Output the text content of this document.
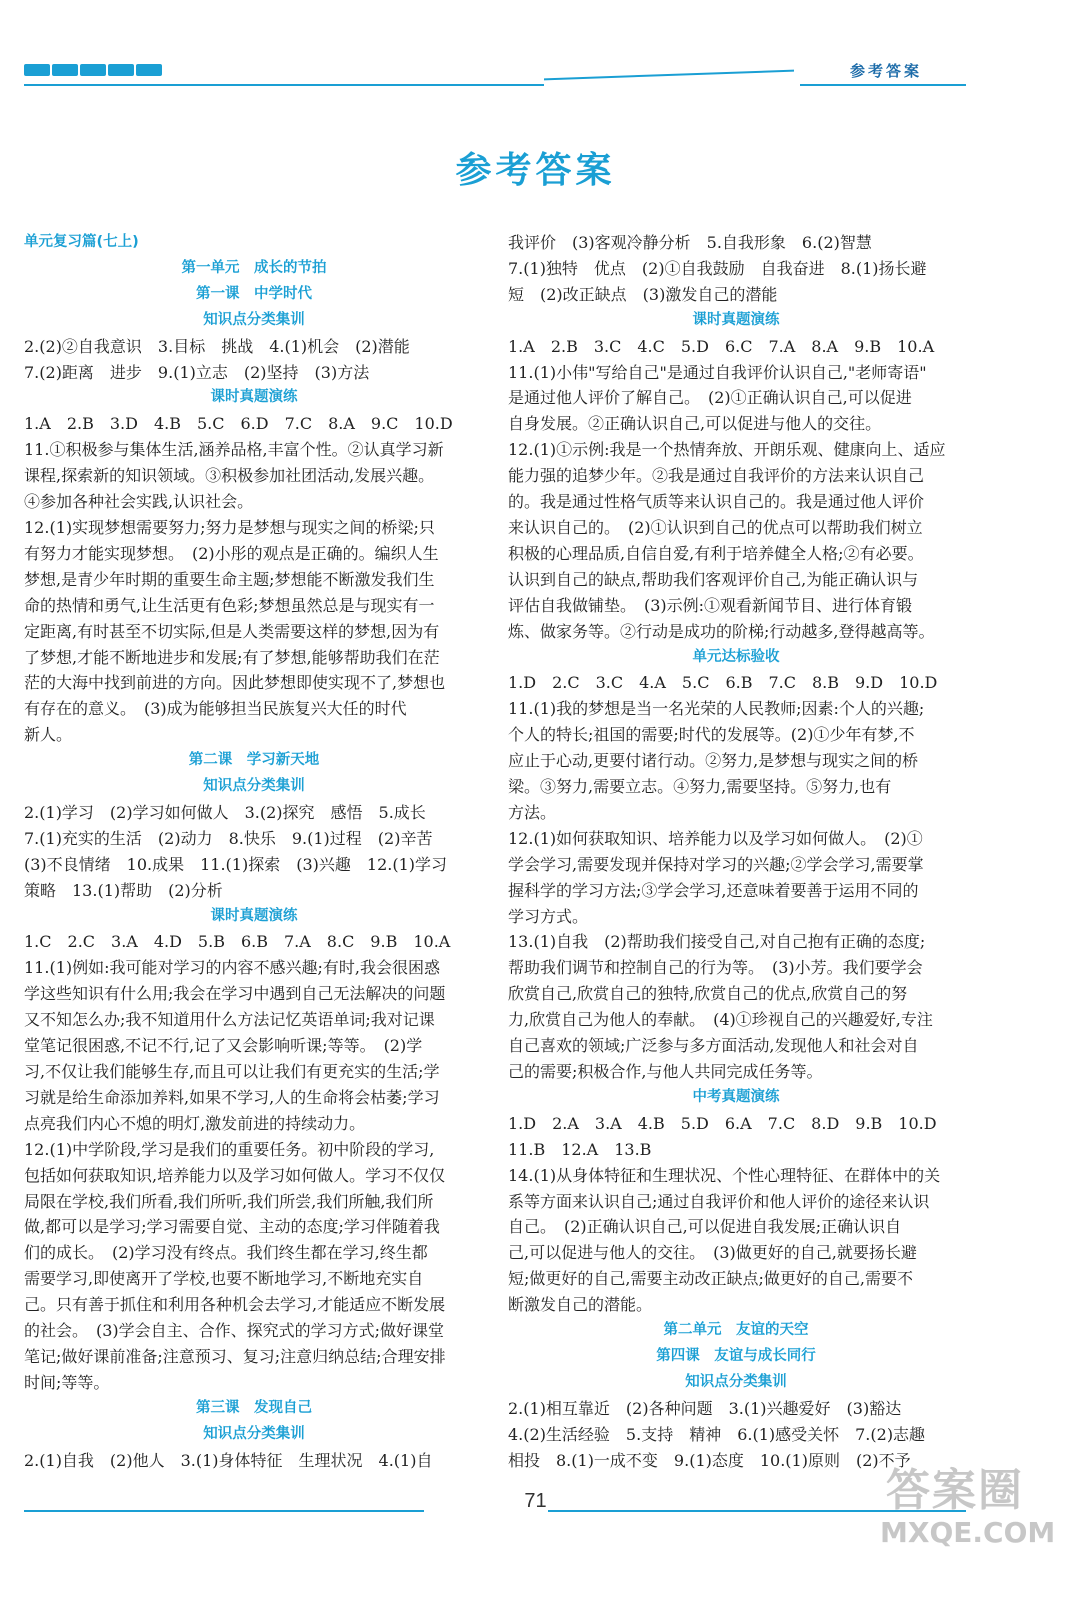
参考答案
参考答案
单元复习篇(七上)
第一单元　成长的节拍
第一课　中学时代
知识点分类集训
2.(2)②自我意识　3.目标　挑战　4.(1)机会　(2)潜能
7.(2)距离　进步　9.(1)立志　(2)坚持　(3)方法
课时真题演练
1.A　2.B　3.D　4.B　5.C　6.D　7.C　8.A　9.C　10.D
11.①积极参与集体生活,涵养品格,丰富个性。②认真学习新
课程,探索新的知识领域。③积极参加社团活动,发展兴趣。
④参加各种社会实践,认识社会。
12.(1)实现梦想需要努力;努力是梦想与现实之间的桥梁;只
有努力才能实现梦想。　(2)小彤的观点是正确的。编织人生
梦想,是青少年时期的重要生命主题;梦想能不断激发我们生
命的热情和勇气,让生活更有色彩;梦想虽然总是与现实有一
定距离,有时甚至不切实际,但是人类需要这样的梦想,因为有
了梦想,才能不断地进步和发展;有了梦想,能够帮助我们在茫
茫的大海中找到前进的方向。因此梦想即使实现不了,梦想也
有存在的意义。　(3)成为能够担当民族复兴大任的时代
新人。
第二课　学习新天地
知识点分类集训
2.(1)学习　(2)学习如何做人　3.(2)探究　感悟　5.成长
7.(1)充实的生活　(2)动力　8.快乐　9.(1)过程　(2)辛苦
(3)不良情绪　10.成果　11.(1)探索　(3)兴趣　12.(1)学习
策略　13.(1)帮助　(2)分析
课时真题演练
1.C　2.C　3.A　4.D　5.B　6.B　7.A　8.C　9.B　10.A
11.(1)例如:我可能对学习的内容不感兴趣;有时,我会很困惑
学这些知识有什么用;我会在学习中遇到自己无法解决的问题
又不知怎么办;我不知道用什么方法记忆英语单词;我对记课
堂笔记很困惑,不记不行,记了又会影响听课;等等。　(2)学
习,不仅让我们能够生存,而且可以让我们有更充实的生活;学
习就是给生命添加养料,如果不学习,人的生命将会枯萎;学习
点亮我们内心不熄的明灯,激发前进的持续动力。
12.(1)中学阶段,学习是我们的重要任务。初中阶段的学习,
包括如何获取知识,培养能力以及学习如何做人。学习不仅仅
局限在学校,我们所看,我们所听,我们所尝,我们所触,我们所
做,都可以是学习;学习需要自觉、主动的态度;学习伴随着我
们的成长。　(2)学习没有终点。我们终生都在学习,终生都
需要学习,即使离开了学校,也要不断地学习,不断地充实自
己。只有善于抓住和利用各种机会去学习,才能适应不断发展
的社会。　(3)学会自主、合作、探究式的学习方式;做好课堂
笔记;做好课前准备;注意预习、复习;注意归纳总结;合理安排
时间;等等。
第三课　发现自己
知识点分类集训
2.(1)自我　(2)他人　3.(1)身体特征　生理状况　4.(1)自
我评价　(3)客观冷静分析　5.自我形象　6.(2)智慧
7.(1)独特　优点　(2)①自我鼓励　自我奋进　8.(1)扬长避
短　(2)改正缺点　(3)激发自己的潜能
课时真题演练
1.A　2.B　3.C　4.C　5.D　6.C　7.A　8.A　9.B　10.A
11.(1)小伟"写给自己"是通过自我评价认识自己,"老师寄语"
是通过他人评价了解自己。　(2)①正确认识自己,可以促进
自身发展。②正确认识自己,可以促进与他人的交往。
12.(1)①示例:我是一个热情奔放、开朗乐观、健康向上、适应
能力强的追梦少年。②我是通过自我评价的方法来认识自己
的。我是通过性格气质等来认识自己的。我是通过他人评价
来认识自己的。　(2)①认识到自己的优点可以帮助我们树立
积极的心理品质,自信自爱,有利于培养健全人格;②有必要。
认识到自己的缺点,帮助我们客观评价自己,为能正确认识与
评估自我做铺垫。　(3)示例:①观看新闻节目、进行体育锻
炼、做家务等。②行动是成功的阶梯;行动越多,登得越高等。
单元达标验收
1.D　2.C　3.C　4.A　5.C　6.B　7.C　8.B　9.D　10.D
11.(1)我的梦想是当一名光荣的人民教师;因素:个人的兴趣;
个人的特长;祖国的需要;时代的发展等。(2)①少年有梦,不
应止于心动,更要付诸行动。②努力,是梦想与现实之间的桥
梁。③努力,需要立志。④努力,需要坚持。⑤努力,也有
方法。
12.(1)如何获取知识、培养能力以及学习如何做人。　(2)①
学会学习,需要发现并保持对学习的兴趣;②学会学习,需要掌
握科学的学习方法;③学会学习,还意味着要善于运用不同的
学习方式。
13.(1)自我　(2)帮助我们接受自己,对自己抱有正确的态度;
帮助我们调节和控制自己的行为等。　(3)小芳。我们要学会
欣赏自己,欣赏自己的独特,欣赏自己的优点,欣赏自己的努
力,欣赏自己为他人的奉献。　(4)①珍视自己的兴趣爱好,专注
自己喜欢的领域;广泛参与多方面活动,发现他人和社会对自
己的需要;积极合作,与他人共同完成任务等。
中考真题演练
1.D　2.A　3.A　4.B　5.D　6.A　7.C　8.D　9.B　10.D
11.B　12.A　13.B
14.(1)从身体特征和生理状况、个性心理特征、在群体中的关
系等方面来认识自己;通过自我评价和他人评价的途径来认识
自己。　(2)正确认识自己,可以促进自我发展;正确认识自
己,可以促进与他人的交往。　(3)做更好的自己,就要扬长避
短;做更好的自己,需要主动改正缺点;做更好的自己,需要不
断激发自己的潜能。
第二单元　友谊的天空
第四课　友谊与成长同行
知识点分类集训
2.(1)相互靠近　(2)各种问题　3.(1)兴趣爱好　(3)豁达
4.(2)生活经验　5.支持　精神　6.(1)感受关怀　7.(2)志趣
相投　8.(1)一成不变　9.(1)态度　10.(1)原则　(2)不予
71	答案圈
MXQE.COM
